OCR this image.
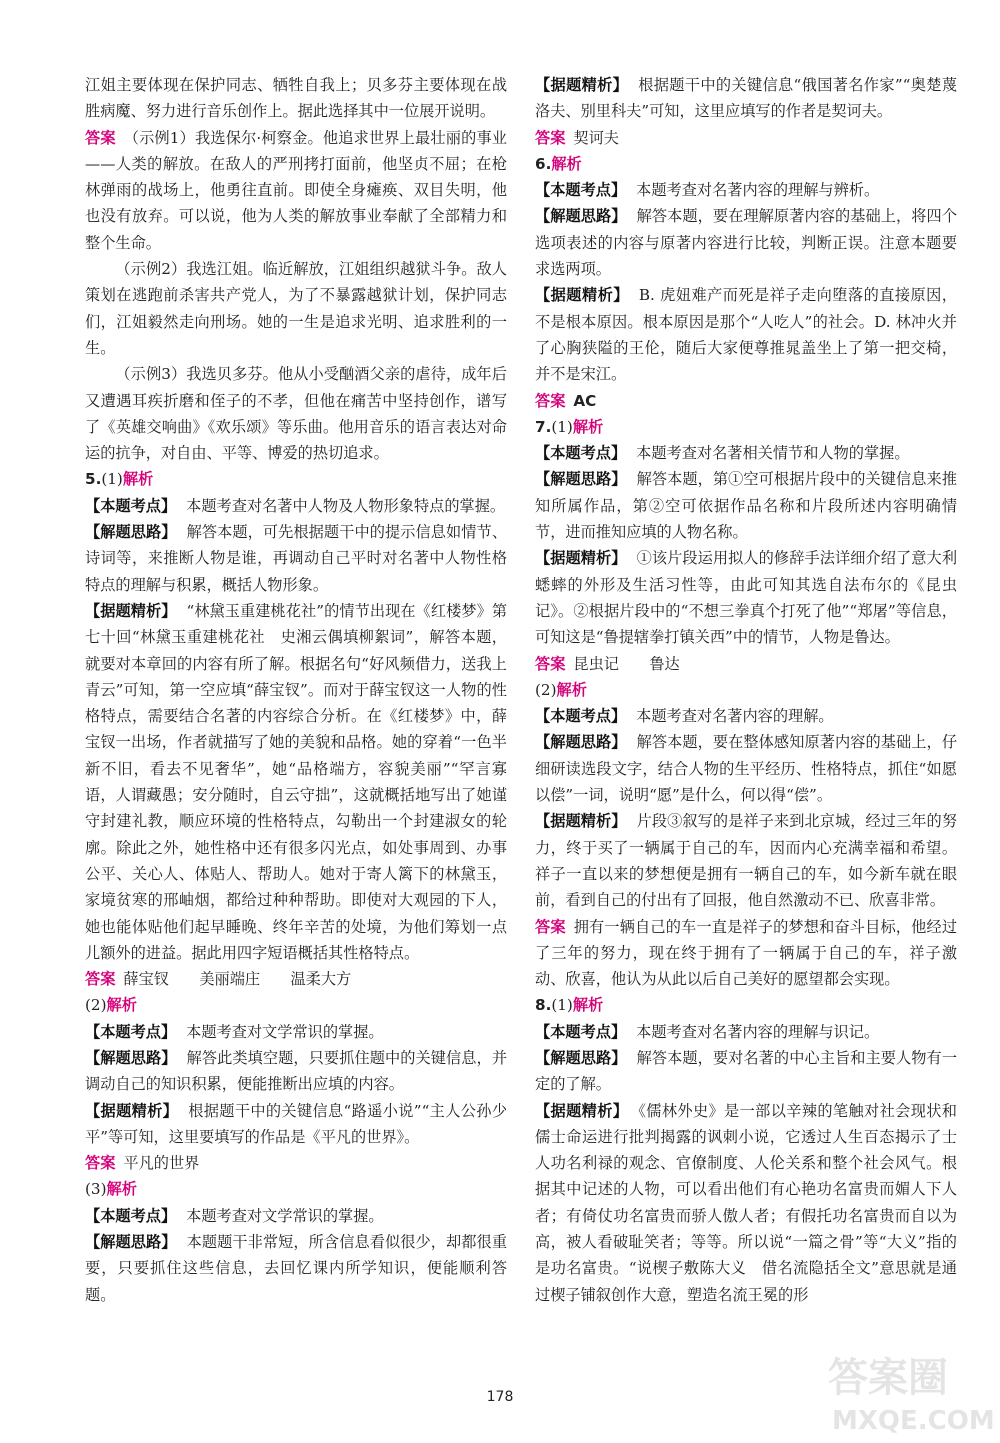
江姐主要体现在保护同志、牺牲自我上；贝多芬主要体现在战胜病魔、努力进行音乐创作上。据此选择其中一位展开说明。

答案 （示例1）我选保尔·柯察金。他追求世界上最壮丽的事业——人类的解放。在敌人的严刑拷打面前，他坚贞不屈；在枪林弹雨的战场上，他勇往直前。即使全身瘫痪、双目失明，他也没有放弃。可以说，他为人类的解放事业奉献了全部精力和整个生命。

（示例2）我选江姐。临近解放，江姐组织越狱斗争。敌人策划在逃跑前杀害共产党人，为了不暴露越狱计划，保护同志们，江姐毅然走向刑场。她的一生是追求光明、追求胜利的一生。

（示例3）我选贝多芬。他从小受酗酒父亲的虐待，成年后又遭遇耳疾折磨和侄子的不孝，但他在痛苦中坚持创作，谱写了《英雄交响曲》《欢乐颂》等乐曲。他用音乐的语言表达对命运的抗争，对自由、平等、博爱的热切追求。

5.(1)解析

【本题考点】 本题考查对名著中人物及人物形象特点的掌握。

【解题思路】 解答本题，可先根据题干中的提示信息如情节、诗词等，来推断人物是谁，再调动自己平时对名著中人物性格特点的理解与积累，概括人物形象。

【据题精析】 “林黛玉重建桃花社”的情节出现在《红楼梦》第七十回“林黛玉重建桃花社　史湘云偶填柳絮词”，解答本题，就要对本章回的内容有所了解。根据名句“好风频借力，送我上青云”可知，第一空应填“薛宝钗”。而对于薛宝钗这一人物的性格特点，需要结合名著的内容综合分析。在《红楼梦》中，薛宝钗一出场，作者就描写了她的美貌和品格。她的穿着“一色半新不旧，看去不见奢华”，她“品格端方，容貌美丽”“罕言寡语，人谓藏愚；安分随时，自云守拙”，这就概括地写出了她谨守封建礼教，顺应环境的性格特点，勾勒出一个封建淑女的轮廓。除此之外，她性格中还有很多闪光点，如处事周到、办事公平、关心人、体贴人、帮助人。她对于寄人篱下的林黛玉，家境贫寒的邢岫烟，都给过种种帮助。即使对大观园的下人，她也能体贴他们起早睡晚、终年辛苦的处境，为他们筹划一点儿额外的进益。据此用四字短语概括其性格特点。

答案 薛宝钗　　美丽端庄　　温柔大方

(2)解析

【本题考点】 本题考查对文学常识的掌握。

【解题思路】 解答此类填空题，只要抓住题中的关键信息，并调动自己的知识积累，便能推断出应填的内容。

【据题精析】 根据题干中的关键信息“路遥小说”“主人公孙少平”等可知，这里要填写的作品是《平凡的世界》。

答案 平凡的世界

(3)解析

【本题考点】 本题考查对文学常识的掌握。

【解题思路】 本题题干非常短，所含信息看似很少，却都很重要，只要抓住这些信息，去回忆课内所学知识，便能顺利答题。

【据题精析】 根据题干中的关键信息“俄国著名作家”“奥楚蔑洛夫、别里科夫”可知，这里应填写的作者是契诃夫。

答案 契诃夫

6.解析

【本题考点】 本题考查对名著内容的理解与辨析。

【解题思路】 解答本题，要在理解原著内容的基础上，将四个选项表述的内容与原著内容进行比较，判断正误。注意本题要求选两项。

【据题精析】 B. 虎妞难产而死是祥子走向堕落的直接原因，不是根本原因。根本原因是那个“人吃人”的社会。D. 林冲火并了心胸狭隘的王伦，随后大家便尊推晁盖坐上了第一把交椅，并不是宋江。

答案 AC

7.(1)解析

【本题考点】 本题考查对名著相关情节和人物的掌握。

【解题思路】 解答本题，第①空可根据片段中的关键信息来推知所属作品，第②空可依据作品名称和片段所述内容明确情节，进而推知应填的人物名称。

【据题精析】 ①该片段运用拟人的修辞手法详细介绍了意大利蟋蟀的外形及生活习性等，由此可知其选自法布尔的《昆虫记》。②根据片段中的“不想三拳真个打死了他”“郑屠”等信息，可知这是“鲁提辖拳打镇关西”中的情节，人物是鲁达。

答案 昆虫记　　鲁达

(2)解析

【本题考点】 本题考查对名著内容的理解。

【解题思路】 解答本题，要在整体感知原著内容的基础上，仔细研读选段文字，结合人物的生平经历、性格特点，抓住“如愿以偿”一词，说明“愿”是什么，何以得“偿”。

【据题精析】 片段③叙写的是祥子来到北京城，经过三年的努力，终于买了一辆属于自己的车，因而内心充满幸福和希望。祥子一直以来的梦想便是拥有一辆自己的车，如今新车就在眼前，看到自己的付出有了回报，他自然激动不已、欣喜非常。

答案 拥有一辆自己的车一直是祥子的梦想和奋斗目标，他经过了三年的努力，现在终于拥有了一辆属于自己的车，祥子激动、欣喜，他认为从此以后自己美好的愿望都会实现。

8.(1)解析

【本题考点】 本题考查对名著内容的理解与识记。

【解题思路】 解答本题，要对名著的中心主旨和主要人物有一定的了解。

【据题精析】 《儒林外史》是一部以辛辣的笔触对社会现状和儒士命运进行批判揭露的讽刺小说，它透过人生百态揭示了士人功名利禄的观念、官僚制度、人伦关系和整个社会风气。根据其中记述的人物，可以看出他们有心艳功名富贵而媚人下人者；有倚仗功名富贵而骄人傲人者；有假托功名富贵而自以为高，被人看破耻笑者；等等。所以说“一篇之骨”等“大义”指的是功名富贵。“说楔子敷陈大义　借名流隐括全文”意思就是通过楔子铺叙创作大意，塑造名流王冕的形

178	答案圈
MXQE.COM
